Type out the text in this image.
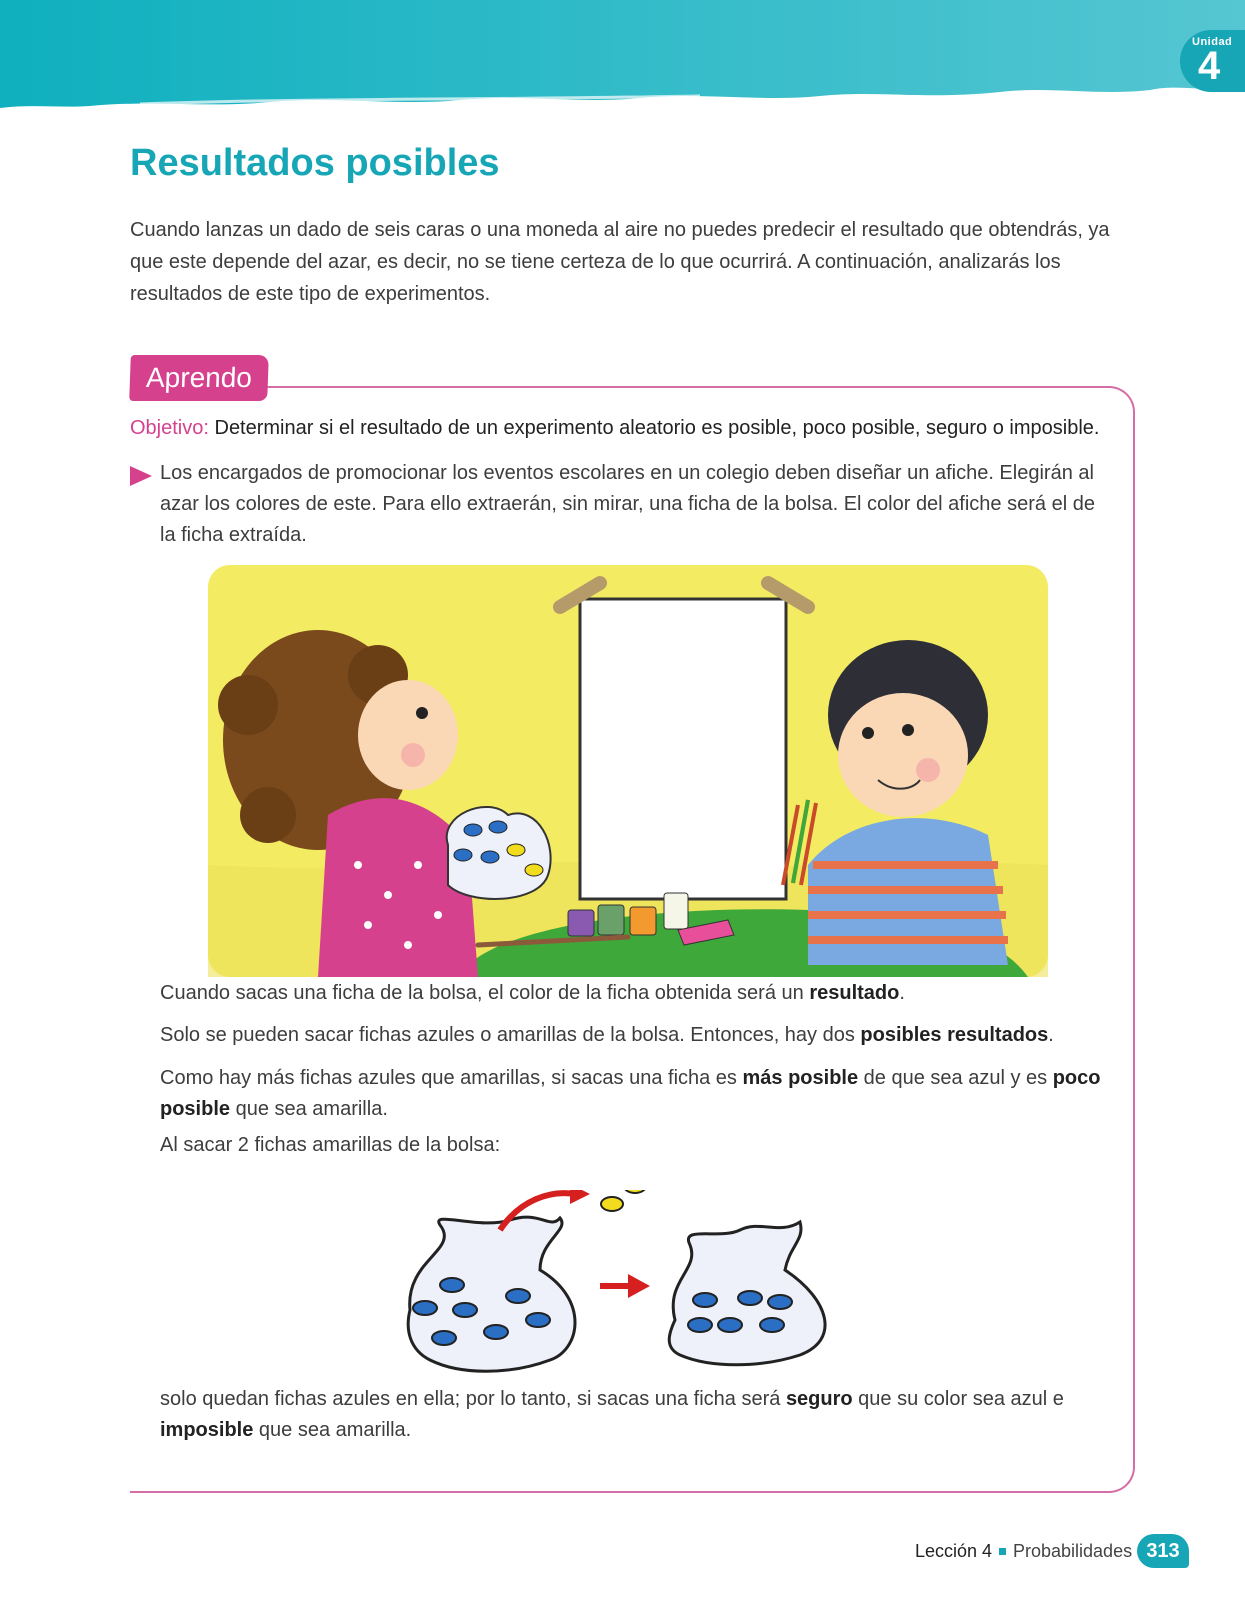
Unidad
4
Resultados posibles

Cuando lanzas un dado de seis caras o una moneda al aire no puedes predecir el resultado que obtendrás, ya que este depende del azar, es decir, no se tiene certeza de lo que ocurrirá. A continuación, analizarás los resultados de este tipo de experimentos.

Aprendo

Objetivo: Determinar si el resultado de un experimento aleatorio es posible, poco posible, seguro o imposible.

Los encargados de promocionar los eventos escolares en un colegio deben diseñar un afiche. Elegirán al azar los colores de este. Para ello extraerán, sin mirar, una ficha de la bolsa. El color del afiche será el de la ficha extraída.

Cuando sacas una ficha de la bolsa, el color de la ficha obtenida será un resultado.

Solo se pueden sacar fichas azules o amarillas de la bolsa. Entonces, hay dos posibles resultados.

Como hay más fichas azules que amarillas, si sacas una ficha es más posible de que sea azul y es poco posible que sea amarilla.

Al sacar 2 fichas amarillas de la bolsa:

solo quedan fichas azules en ella; por lo tanto, si sacas una ficha será seguro que su color sea azul e imposible que sea amarilla.

Lección 4 Probabilidades 313
